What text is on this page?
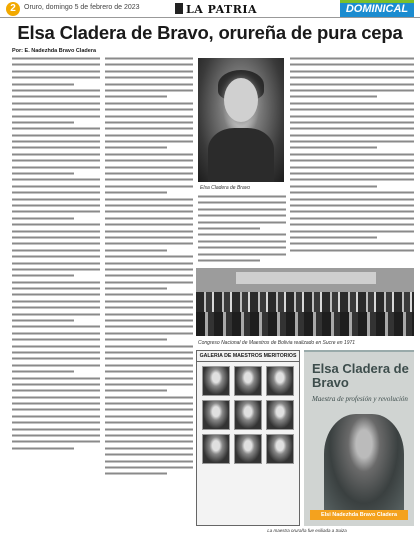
2	Oruro, domingo 5 de febrero de 2023	LA PATRIA	DOMINICAL
Elsa Cladera de Bravo, orureña de pura cepa
Por: E. Nadezhda Bravo Cladera
Elsa Cladera de Bravo
Congreso Nacional de Maestros de Bolivia realizado en Sucre en 1971
GALERIA DE MAESTROS MERITORIOS
Elsa Cladera de Bravo
Maestra de profesión y revolución
Elsi Nadezhda Bravo Cladera
La maestra oruraña fue exiliada a Suiza
